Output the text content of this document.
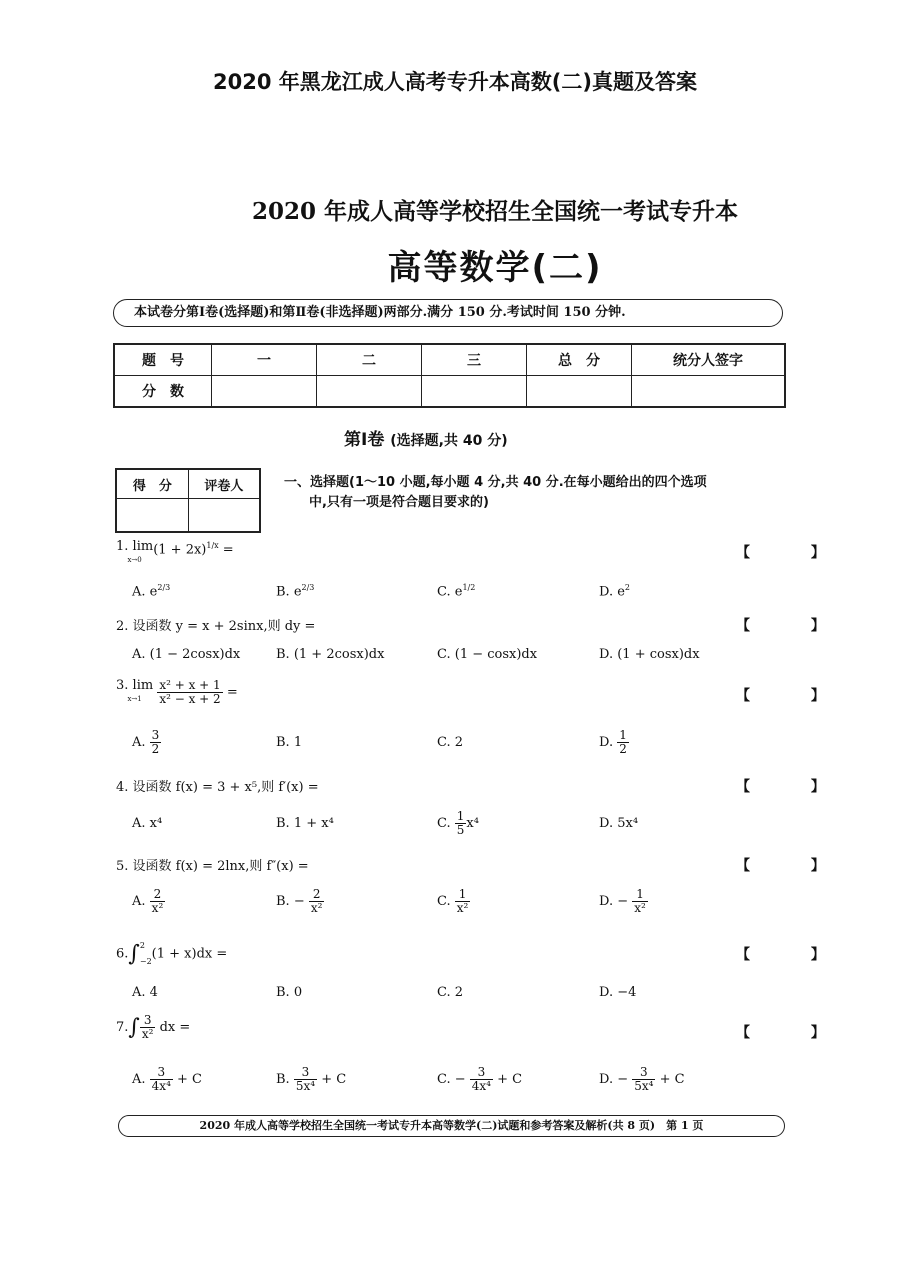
2020 年黑龙江成人高考专升本高数(二)真题及答案
2020 年成人高等学校招生全国统一考试专升本
高等数学(二)
本试卷分第Ⅰ卷(选择题)和第Ⅱ卷(非选择题)两部分.满分 150 分.考试时间 150 分钟.
题　号	一	二	三	总　分	统分人签字
分　数					
第Ⅰ卷 (选择题,共 40 分)
得　分	评卷人
		一、选择题(1～10 小题,每小题 4 分,共 40 分.在每小题给出的四个选项
中,只有一项是符合题目要求的)
1. lim
$x\to 0(1 + 2x)^{1/x}$ =	【 】
A. $e^{2/3}$	B. $e^{2/3}$	C. $e^{1/2}$	D. $e^2$
2. 设函数 y = x + 2sinx,则 dy =	【 】
A. (1 − 2cosx)dx	B. (1 + 2cosx)dx	C. (1 − cosx)dx	D. (1 + cosx)dx
3. lim
$x\to 1 \frac{\text{x² + x + 1}}{\text{x² − x + 2}}$ =	【 】
A. $\frac{3}{2}$	B. 1	C. 2	D. $\frac{1}{2}$
4. 设函数 f(x) = 3 + x⁵,则 f′(x) =	【 】
A. x⁴	B. 1 + x⁴	C. $\frac{1}{5} x^4$	D. 5x⁴
5. 设函数 f(x) = 2lnx,则 f″(x) =	【 】
A. $\frac{2}{\text{x²}}$	B. − $\frac{2}{\text{x²}}$	C. $\frac{1}{\text{x²}}$	D. − $\frac{1}{\text{x²}}$
6.∫2
−2(1 + x)dx =	【 】
A. 4	B. 0	C. 2	D. −4
$7.\int \frac{3}{\text{x²}}$ dx =	【 】
A. $\frac{3}{\text{4x⁴}} + C$	B. $\frac{3}{\text{5x⁴}} + C$	C. − $\frac{3}{\text{4x⁴}} + C$	D. − $\frac{3}{\text{5x⁴}} + C$
2020 年成人高等学校招生全国统一考试专升本高等数学(二)试题和参考答案及解析(共 8 页)　第 1 页
